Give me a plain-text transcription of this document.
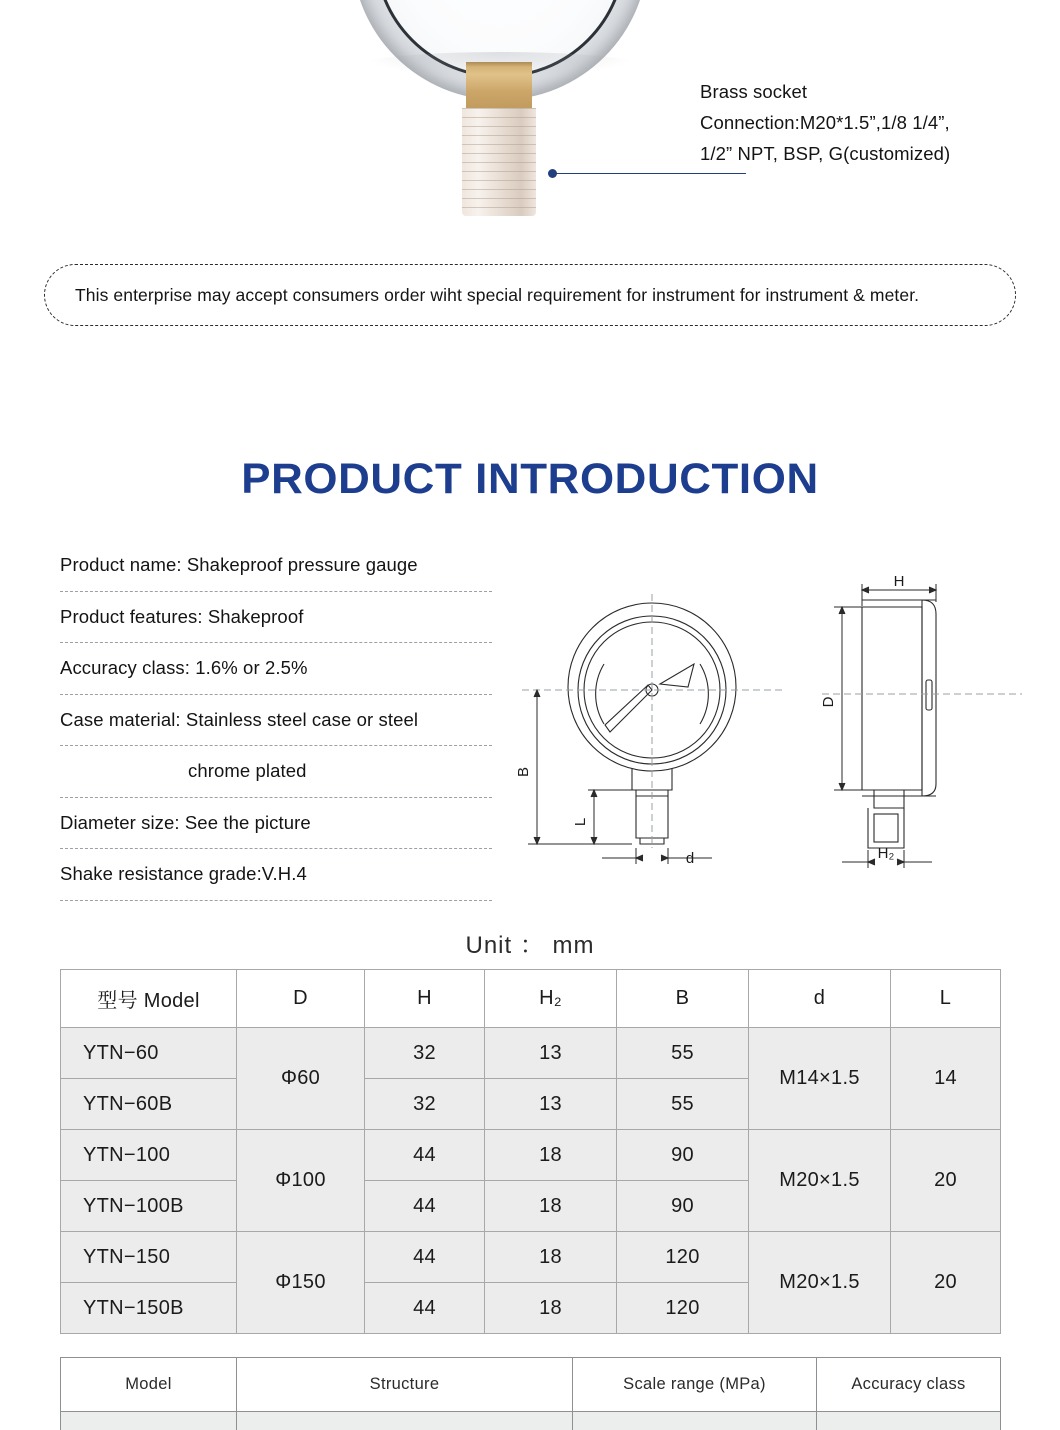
Brass socket
Connection:M20*1.5”,1/8 1/4”,
1/2” NPT, BSP, G(customized)
This enterprise may accept consumers order wiht special requirement for instrument for instrument & meter.
PRODUCT INTRODUCTION
Product name: Shakeproof pressure gauge
Product features: Shakeproof
Accuracy class: 1.6% or 2.5%
Case material: Stainless steel case or steel
chrome plated
Diameter size: See the picture
Shake resistance grade:V.H.4
B
L
d
H
D
H₂
Unit ： mm
型号 Model	D	H	H₂	B	d	L
YTN−60	Φ60	32	13	55	M14×1.5	14
YTN−60B		32	13	55		
YTN−100	Φ100	44	18	90	M20×1.5	20
YTN−100B		44	18	90		
YTN−150	Φ150	44	18	120	M20×1.5	20
YTN−150B		44	18	120		
Model	Structure	Scale range (MPa)	Accuracy class
